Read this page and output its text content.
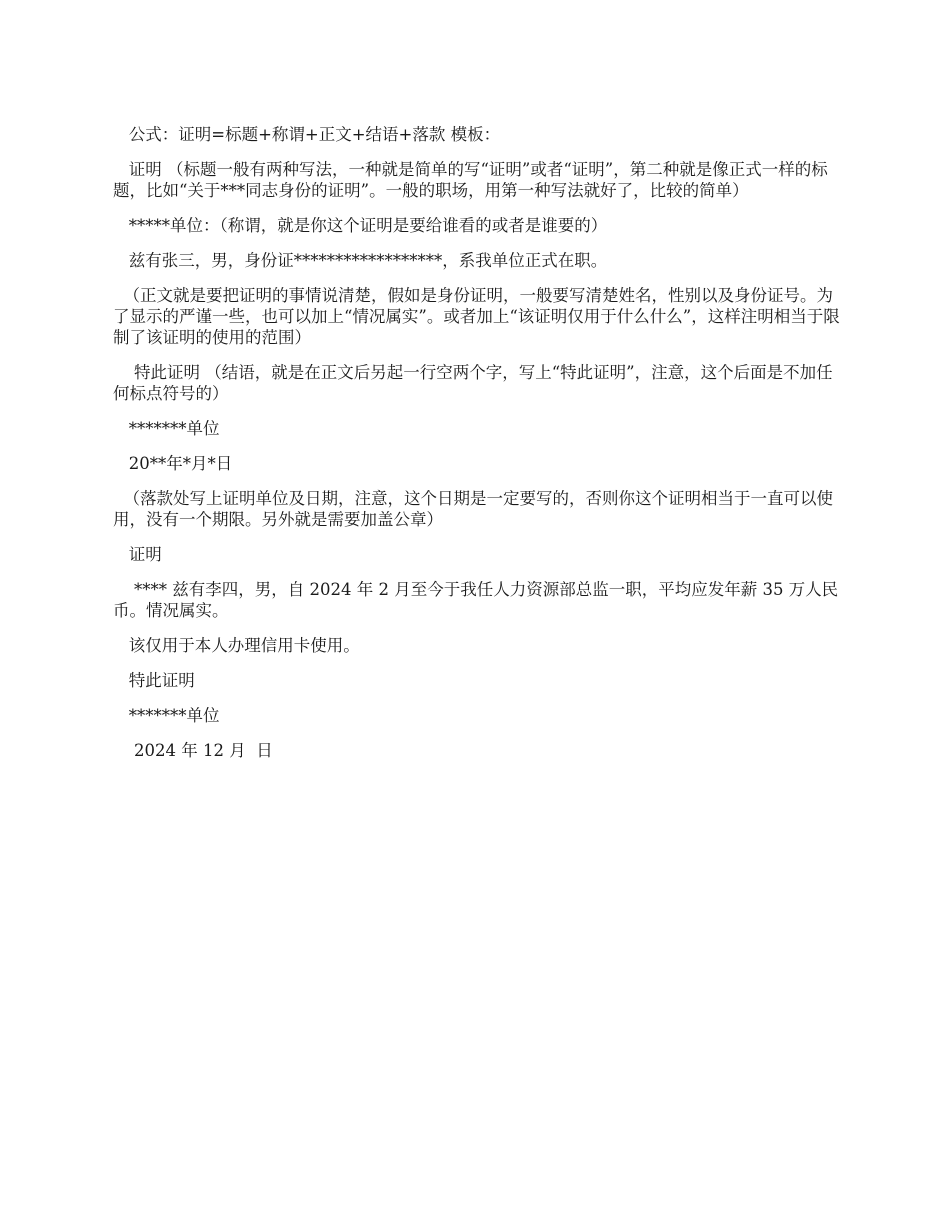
公式：证明=标题+称谓+正文+结语+落款 模板：

证明 （标题一般有两种写法，一种就是简单的写“证明”或者“证明”，第二种就是像正式一样的标题，比如“关于***同志身份的证明”。一般的职场，用第一种写法就好了，比较的简单）

*****单位：（称谓，就是你这个证明是要给谁看的或者是谁要的）

兹有张三，男，身份证******************，系我单位正式在职。

（正文就是要把证明的事情说清楚，假如是身份证明，一般要写清楚姓名，性别以及身份证号。为了显示的严谨一些，也可以加上“情况属实”。或者加上“该证明仅用于什么什么”，这样注明相当于限制了该证明的使用的范围）

特此证明 （结语，就是在正文后另起一行空两个字，写上“特此证明”，注意，这个后面是不加任何标点符号的）

*******单位

20**年*月*日

（落款处写上证明单位及日期，注意，这个日期是一定要写的，否则你这个证明相当于一直可以使用，没有一个期限。另外就是需要加盖公章）

证明

**** 兹有李四，男，自 2024 年 2 月至今于我任人力资源部总监一职，平均应发年薪 35 万人民币。情况属实。

该仅用于本人办理信用卡使用。

特此证明

*******单位

2024 年 12 月  日
